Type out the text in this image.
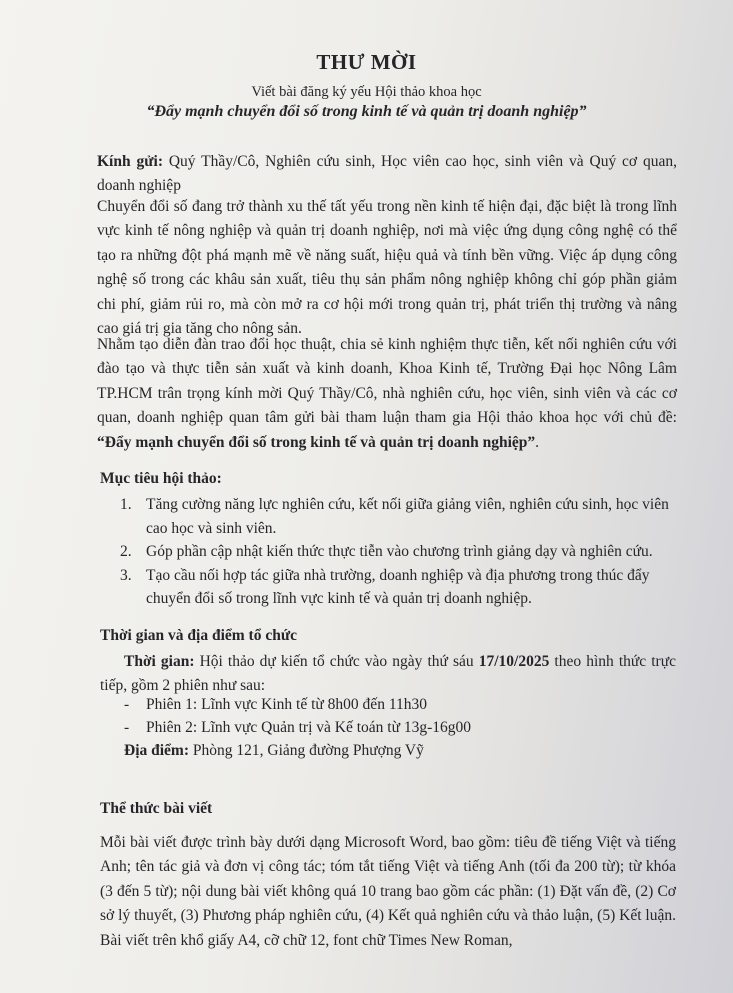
THƯ MỜI
Viết bài đăng ký yếu Hội thảo khoa học
“Đẩy mạnh chuyển đổi số trong kinh tế và quản trị doanh nghiệp”
Kính gửi: Quý Thầy/Cô, Nghiên cứu sinh, Học viên cao học, sinh viên và Quý cơ quan, doanh nghiệp
Chuyển đổi số đang trở thành xu thế tất yếu trong nền kinh tế hiện đại, đặc biệt là trong lĩnh vực kinh tế nông nghiệp và quản trị doanh nghiệp, nơi mà việc ứng dụng công nghệ có thể tạo ra những đột phá mạnh mẽ về năng suất, hiệu quả và tính bền vững. Việc áp dụng công nghệ số trong các khâu sản xuất, tiêu thụ sản phẩm nông nghiệp không chỉ góp phần giảm chi phí, giảm rủi ro, mà còn mở ra cơ hội mới trong quản trị, phát triển thị trường và nâng cao giá trị gia tăng cho nông sản.
Nhằm tạo diễn đàn trao đổi học thuật, chia sẻ kinh nghiệm thực tiễn, kết nối nghiên cứu với đào tạo và thực tiễn sản xuất và kinh doanh, Khoa Kinh tế, Trường Đại học Nông Lâm TP.HCM trân trọng kính mời Quý Thầy/Cô, nhà nghiên cứu, học viên, sinh viên và các cơ quan, doanh nghiệp quan tâm gửi bài tham luận tham gia Hội thảo khoa học với chủ đề: “Đẩy mạnh chuyển đổi số trong kinh tế và quản trị doanh nghiệp”.
Mục tiêu hội thảo:
1. Tăng cường năng lực nghiên cứu, kết nối giữa giảng viên, nghiên cứu sinh, học viên cao học và sinh viên.
2. Góp phần cập nhật kiến thức thực tiễn vào chương trình giảng dạy và nghiên cứu.
3. Tạo cầu nối hợp tác giữa nhà trường, doanh nghiệp và địa phương trong thúc đẩy chuyển đổi số trong lĩnh vực kinh tế và quản trị doanh nghiệp.
Thời gian và địa điểm tổ chức
Thời gian: Hội thảo dự kiến tổ chức vào ngày thứ sáu 17/10/2025 theo hình thức trực tiếp, gồm 2 phiên như sau:
- Phiên 1: Lĩnh vực Kinh tế từ 8h00 đến 11h30
- Phiên 2: Lĩnh vực Quản trị và Kế toán từ 13g-16g00
Địa điểm: Phòng 121, Giảng đường Phượng Vỹ
Thể thức bài viết
Mỗi bài viết được trình bày dưới dạng Microsoft Word, bao gồm: tiêu đề tiếng Việt và tiếng Anh; tên tác giả và đơn vị công tác; tóm tắt tiếng Việt và tiếng Anh (tối đa 200 từ); từ khóa (3 đến 5 từ); nội dung bài viết không quá 10 trang bao gồm các phần: (1) Đặt vấn đề, (2) Cơ sở lý thuyết, (3) Phương pháp nghiên cứu, (4) Kết quả nghiên cứu và thảo luận, (5) Kết luận. Bài viết trên khổ giấy A4, cỡ chữ 12, font chữ Times New Roman,
